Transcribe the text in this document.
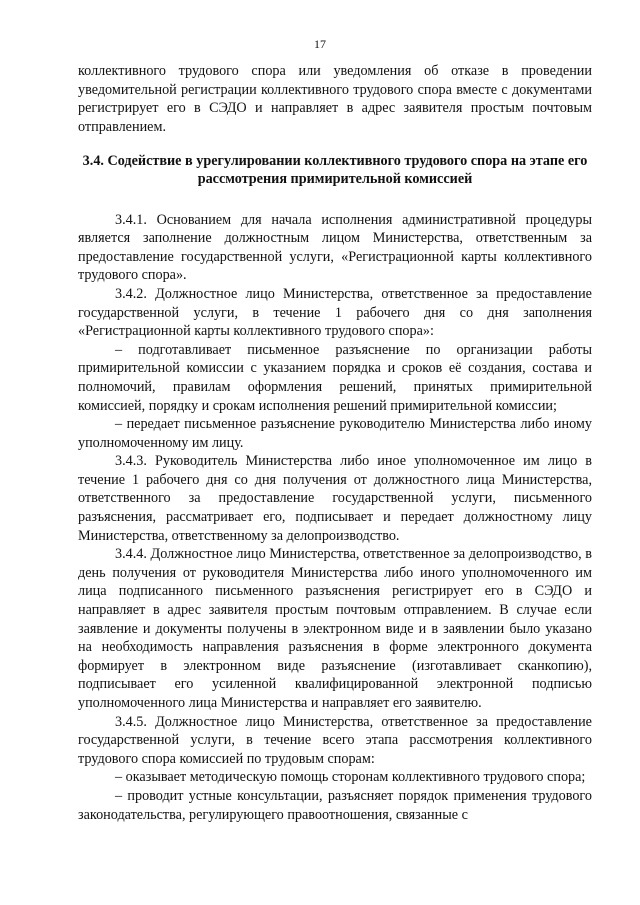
17

коллективного трудового спора или уведомления об отказе в проведении уведомительной регистрации коллективного трудового спора вместе с документами регистрирует его в СЭДО и направляет в адрес заявителя простым почтовым отправлением.

3.4. Содействие в урегулировании коллективного трудового спора на этапе его рассмотрения примирительной комиссией

3.4.1. Основанием для начала исполнения административной процедуры является заполнение должностным лицом Министерства, ответственным за предоставление государственной услуги, «Регистрационной карты коллективного трудового спора».

3.4.2. Должностное лицо Министерства, ответственное за предоставление государственной услуги, в течение 1 рабочего дня со дня заполнения «Регистрационной карты коллективного трудового спора»:

– подготавливает письменное разъяснение по организации работы примирительной комиссии с указанием порядка и сроков её создания, состава и полномочий, правилам оформления решений, принятых примирительной комиссией, порядку и срокам исполнения решений примирительной комиссии;

– передает письменное разъяснение руководителю Министерства либо иному уполномоченному им лицу.

3.4.3. Руководитель Министерства либо иное уполномоченное им лицо в течение 1 рабочего дня со дня получения от должностного лица Министерства, ответственного за предоставление государственной услуги, письменного разъяснения, рассматривает его, подписывает и передает должностному лицу Министерства, ответственному за делопроизводство.

3.4.4. Должностное лицо Министерства, ответственное за делопроизводство, в день получения от руководителя Министерства либо иного уполномоченного им лица подписанного письменного разъяснения регистрирует его в СЭДО и направляет в адрес заявителя простым почтовым отправлением. В случае если заявление и документы получены в электронном виде и в заявлении было указано на необходимость направления разъяснения в форме электронного документа формирует в электронном виде разъяснение (изготавливает сканкопию), подписывает его усиленной квалифицированной электронной подписью уполномоченного лица Министерства и направляет его заявителю.

3.4.5. Должностное лицо Министерства, ответственное за предоставление государственной услуги, в течение всего этапа рассмотрения коллективного трудового спора комиссией по трудовым спорам:

– оказывает методическую помощь сторонам коллективного трудового спора;

– проводит устные консультации, разъясняет порядок применения трудового законодательства, регулирующего правоотношения, связанные с
